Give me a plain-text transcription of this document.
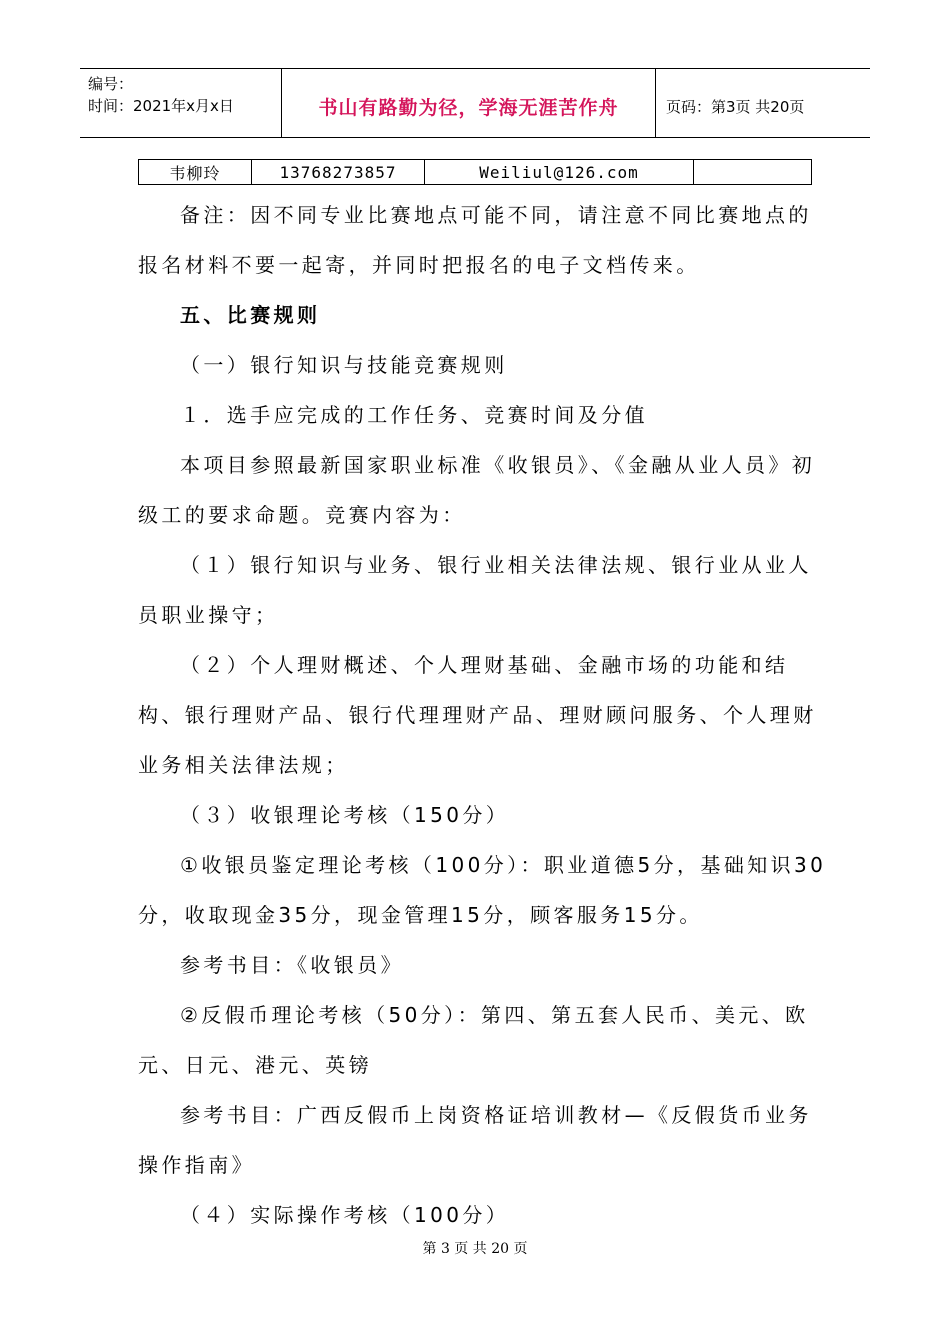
编号：
时间：2021年x月x日	书山有路勤为径，学海无涯苦作舟	页码：第3页 共20页
韦柳玲	13768273857	Weiliul@126.com	

备注：因不同专业比赛地点可能不同，请注意不同比赛地点的报名材料不要一起寄，并同时把报名的电子文档传来。

五、比赛规则

（一）银行知识与技能竞赛规则

１．选手应完成的工作任务、竞赛时间及分值

本项目参照最新国家职业标准《收银员》、《金融从业人员》初级工的要求命题。竞赛内容为：

（１）银行知识与业务、银行业相关法律法规、银行业从业人员职业操守；

（２）个人理财概述、个人理财基础、金融市场的功能和结构、银行理财产品、银行代理理财产品、理财顾问服务、个人理财业务相关法律法规；

（３）收银理论考核（150分）

①收银员鉴定理论考核（100分）：职业道德5分，基础知识30分，收取现金35分，现金管理15分，顾客服务15分。

参考书目：《收银员》

②反假币理论考核（50分）：第四、第五套人民币、美元、欧元、日元、港元、英镑

参考书目：广西反假币上岗资格证培训教材—《反假货币业务操作指南》

（４）实际操作考核（100分）

第 3 页 共 20 页
